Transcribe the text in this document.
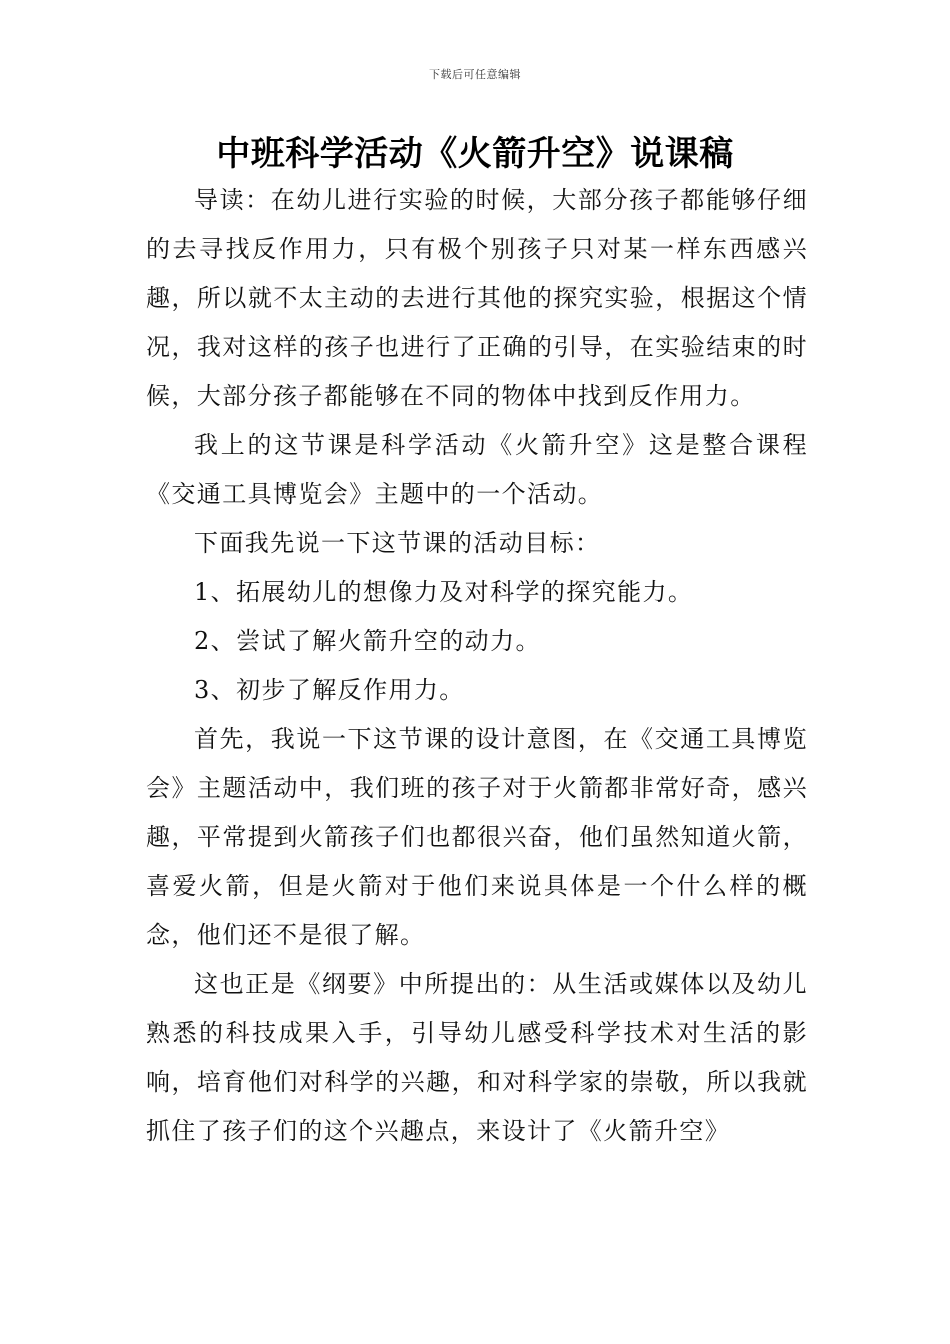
下载后可任意编辑
中班科学活动《火箭升空》说课稿

导读：在幼儿进行实验的时候，大部分孩子都能够仔细的去寻找反作用力，只有极个别孩子只对某一样东西感兴趣，所以就不太主动的去进行其他的探究实验，根据这个情况，我对这样的孩子也进行了正确的引导，在实验结束的时候，大部分孩子都能够在不同的物体中找到反作用力。

我上的这节课是科学活动《火箭升空》这是整合课程《交通工具博览会》主题中的一个活动。

下面我先说一下这节课的活动目标：

1、拓展幼儿的想像力及对科学的探究能力。

2、尝试了解火箭升空的动力。

3、初步了解反作用力。

首先，我说一下这节课的设计意图，在《交通工具博览会》主题活动中，我们班的孩子对于火箭都非常好奇，感兴趣，平常提到火箭孩子们也都很兴奋，他们虽然知道火箭，喜爱火箭，但是火箭对于他们来说具体是一个什么样的概念，他们还不是很了解。

这也正是《纲要》中所提出的：从生活或媒体以及幼儿熟悉的科技成果入手，引导幼儿感受科学技术对生活的影响，培育他们对科学的兴趣，和对科学家的崇敬，所以我就抓住了孩子们的这个兴趣点，来设计了《火箭升空》
